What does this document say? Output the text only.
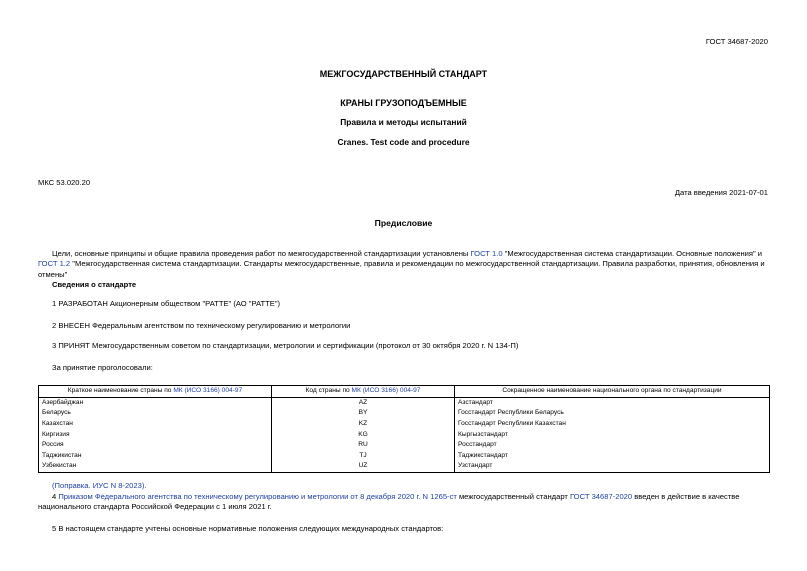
ГОСТ 34687-2020
МЕЖГОСУДАРСТВЕННЫЙ СТАНДАРТ
КРАНЫ ГРУЗОПОДЪЕМНЫЕ
Правила и методы испытаний
Cranes. Test code and procedure
МКС 53.020.20
Дата введения 2021-07-01
Предисловие

Цели, основные принципы и общие правила проведения работ по межгосударственной стандартизации установлены ГОСТ 1.0 "Межгосударственная система стандартизации. Основные положения" и ГОСТ 1.2 "Межгосударственная система стандартизации. Стандарты межгосударственные, правила и рекомендации по межгосударственной стандартизации. Правила разработки, принятия, обновления и отмены"

Сведения о стандарте
1 РАЗРАБОТАН Акционерным обществом "РАТТЕ" (АО "РАТТЕ")
2 ВНЕСЕН Федеральным агентством по техническому регулированию и метрологии
3 ПРИНЯТ Межгосударственным советом по стандартизации, метрологии и сертификации (протокол от 30 октября 2020 г. N 134-П)
За принятие проголосовали:
Краткое наименование страны по МК (ИСО 3166) 004-97	Код страны по МК (ИСО 3166) 004-97	Сокращенное наименование национального органа по стандартизации
Азербайджан	AZ	Азстандарт
Беларусь	BY	Госстандарт Республики Беларусь
Казахстан	KZ	Госстандарт Республики Казахстан
Киргизия	KG	Кыргызстандарт
Россия	RU	Росстандарт
Таджикистан	TJ	Таджикстандарт
Узбекистан	UZ	Узстандарт
(Поправка. ИУС N 8-2023).

4 Приказом Федерального агентства по техническому регулированию и метрологии от 8 декабря 2020 г. N 1265-ст межгосударственный стандарт ГОСТ 34687-2020 введен в действие в качестве национального стандарта Российской Федерации с 1 июля 2021 г.

5 В настоящем стандарте учтены основные нормативные положения следующих международных стандартов:
